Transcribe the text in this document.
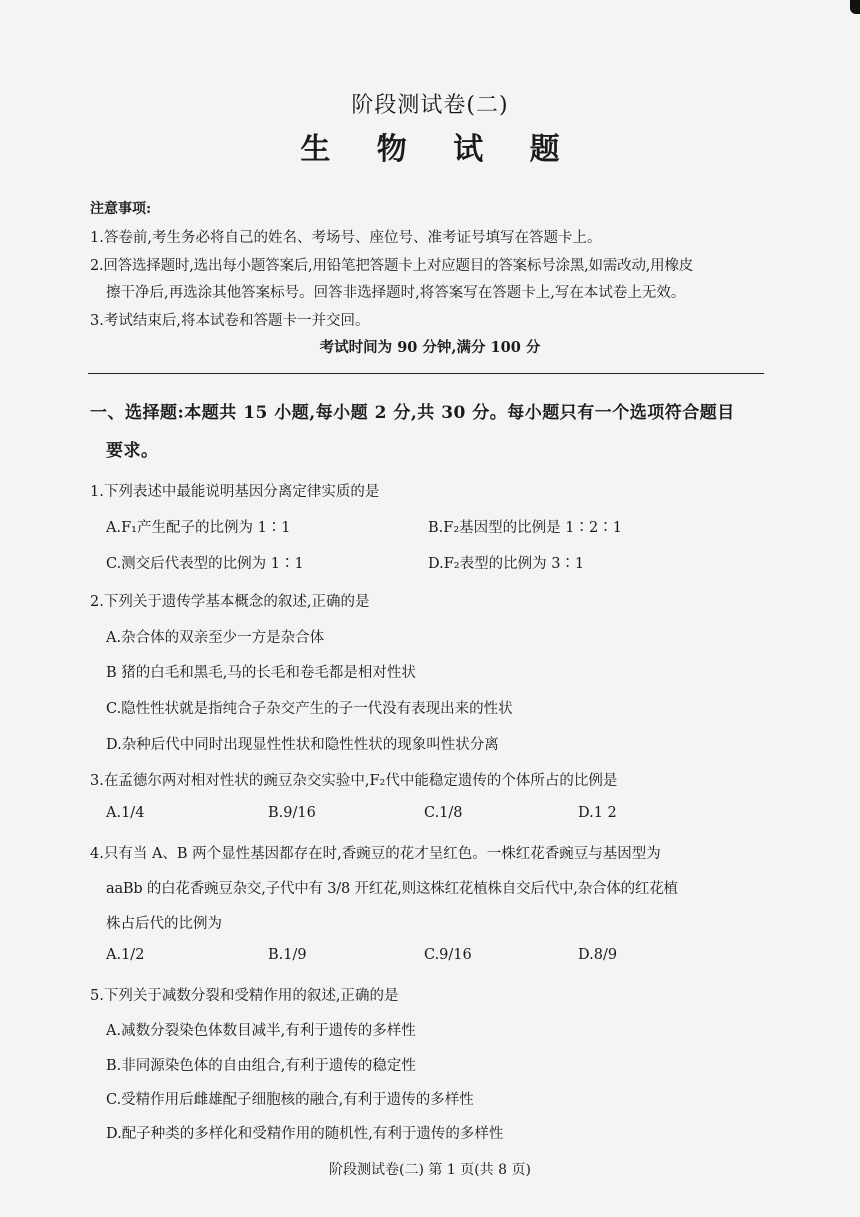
阶段测试卷(二)
生 物 试 题
注意事项:
1.答卷前,考生务必将自己的姓名、考场号、座位号、准考证号填写在答题卡上。
2.回答选择题时,选出每小题答案后,用铅笔把答题卡上对应题目的答案标号涂黑,如需改动,用橡皮
擦干净后,再选涂其他答案标号。回答非选择题时,将答案写在答题卡上,写在本试卷上无效。
3.考试结束后,将本试卷和答题卡一并交回。
考试时间为 90 分钟,满分 100 分
一、选择题:本题共 15 小题,每小题 2 分,共 30 分。每小题只有一个选项符合题目
要求。
1.下列表述中最能说明基因分离定律实质的是
A.F₁产生配子的比例为 1∶1	B.F₂基因型的比例是 1∶2∶1
C.测交后代表型的比例为 1∶1	D.F₂表型的比例为 3∶1
2.下列关于遗传学基本概念的叙述,正确的是
A.杂合体的双亲至少一方是杂合体
B 猪的白毛和黑毛,马的长毛和卷毛都是相对性状
C.隐性性状就是指纯合子杂交产生的子一代没有表现出来的性状
D.杂种后代中同时出现显性性状和隐性性状的现象叫性状分离
3.在孟德尔两对相对性状的豌豆杂交实验中,F₂代中能稳定遗传的个体所占的比例是
A.1/4	B.9/16	C.1/8	D.1 2
4.只有当 A、B 两个显性基因都存在时,香豌豆的花才呈红色。一株红花香豌豆与基因型为
aaBb 的白花香豌豆杂交,子代中有 3/8 开红花,则这株红花植株自交后代中,杂合体的红花植
株占后代的比例为
A.1/2	B.1/9	C.9/16	D.8/9
5.下列关于减数分裂和受精作用的叙述,正确的是
A.减数分裂染色体数目减半,有利于遗传的多样性
B.非同源染色体的自由组合,有利于遗传的稳定性
C.受精作用后雌雄配子细胞核的融合,有利于遗传的多样性
D.配子种类的多样化和受精作用的随机性,有利于遗传的多样性
阶段测试卷(二) 第 1 页(共 8 页)
